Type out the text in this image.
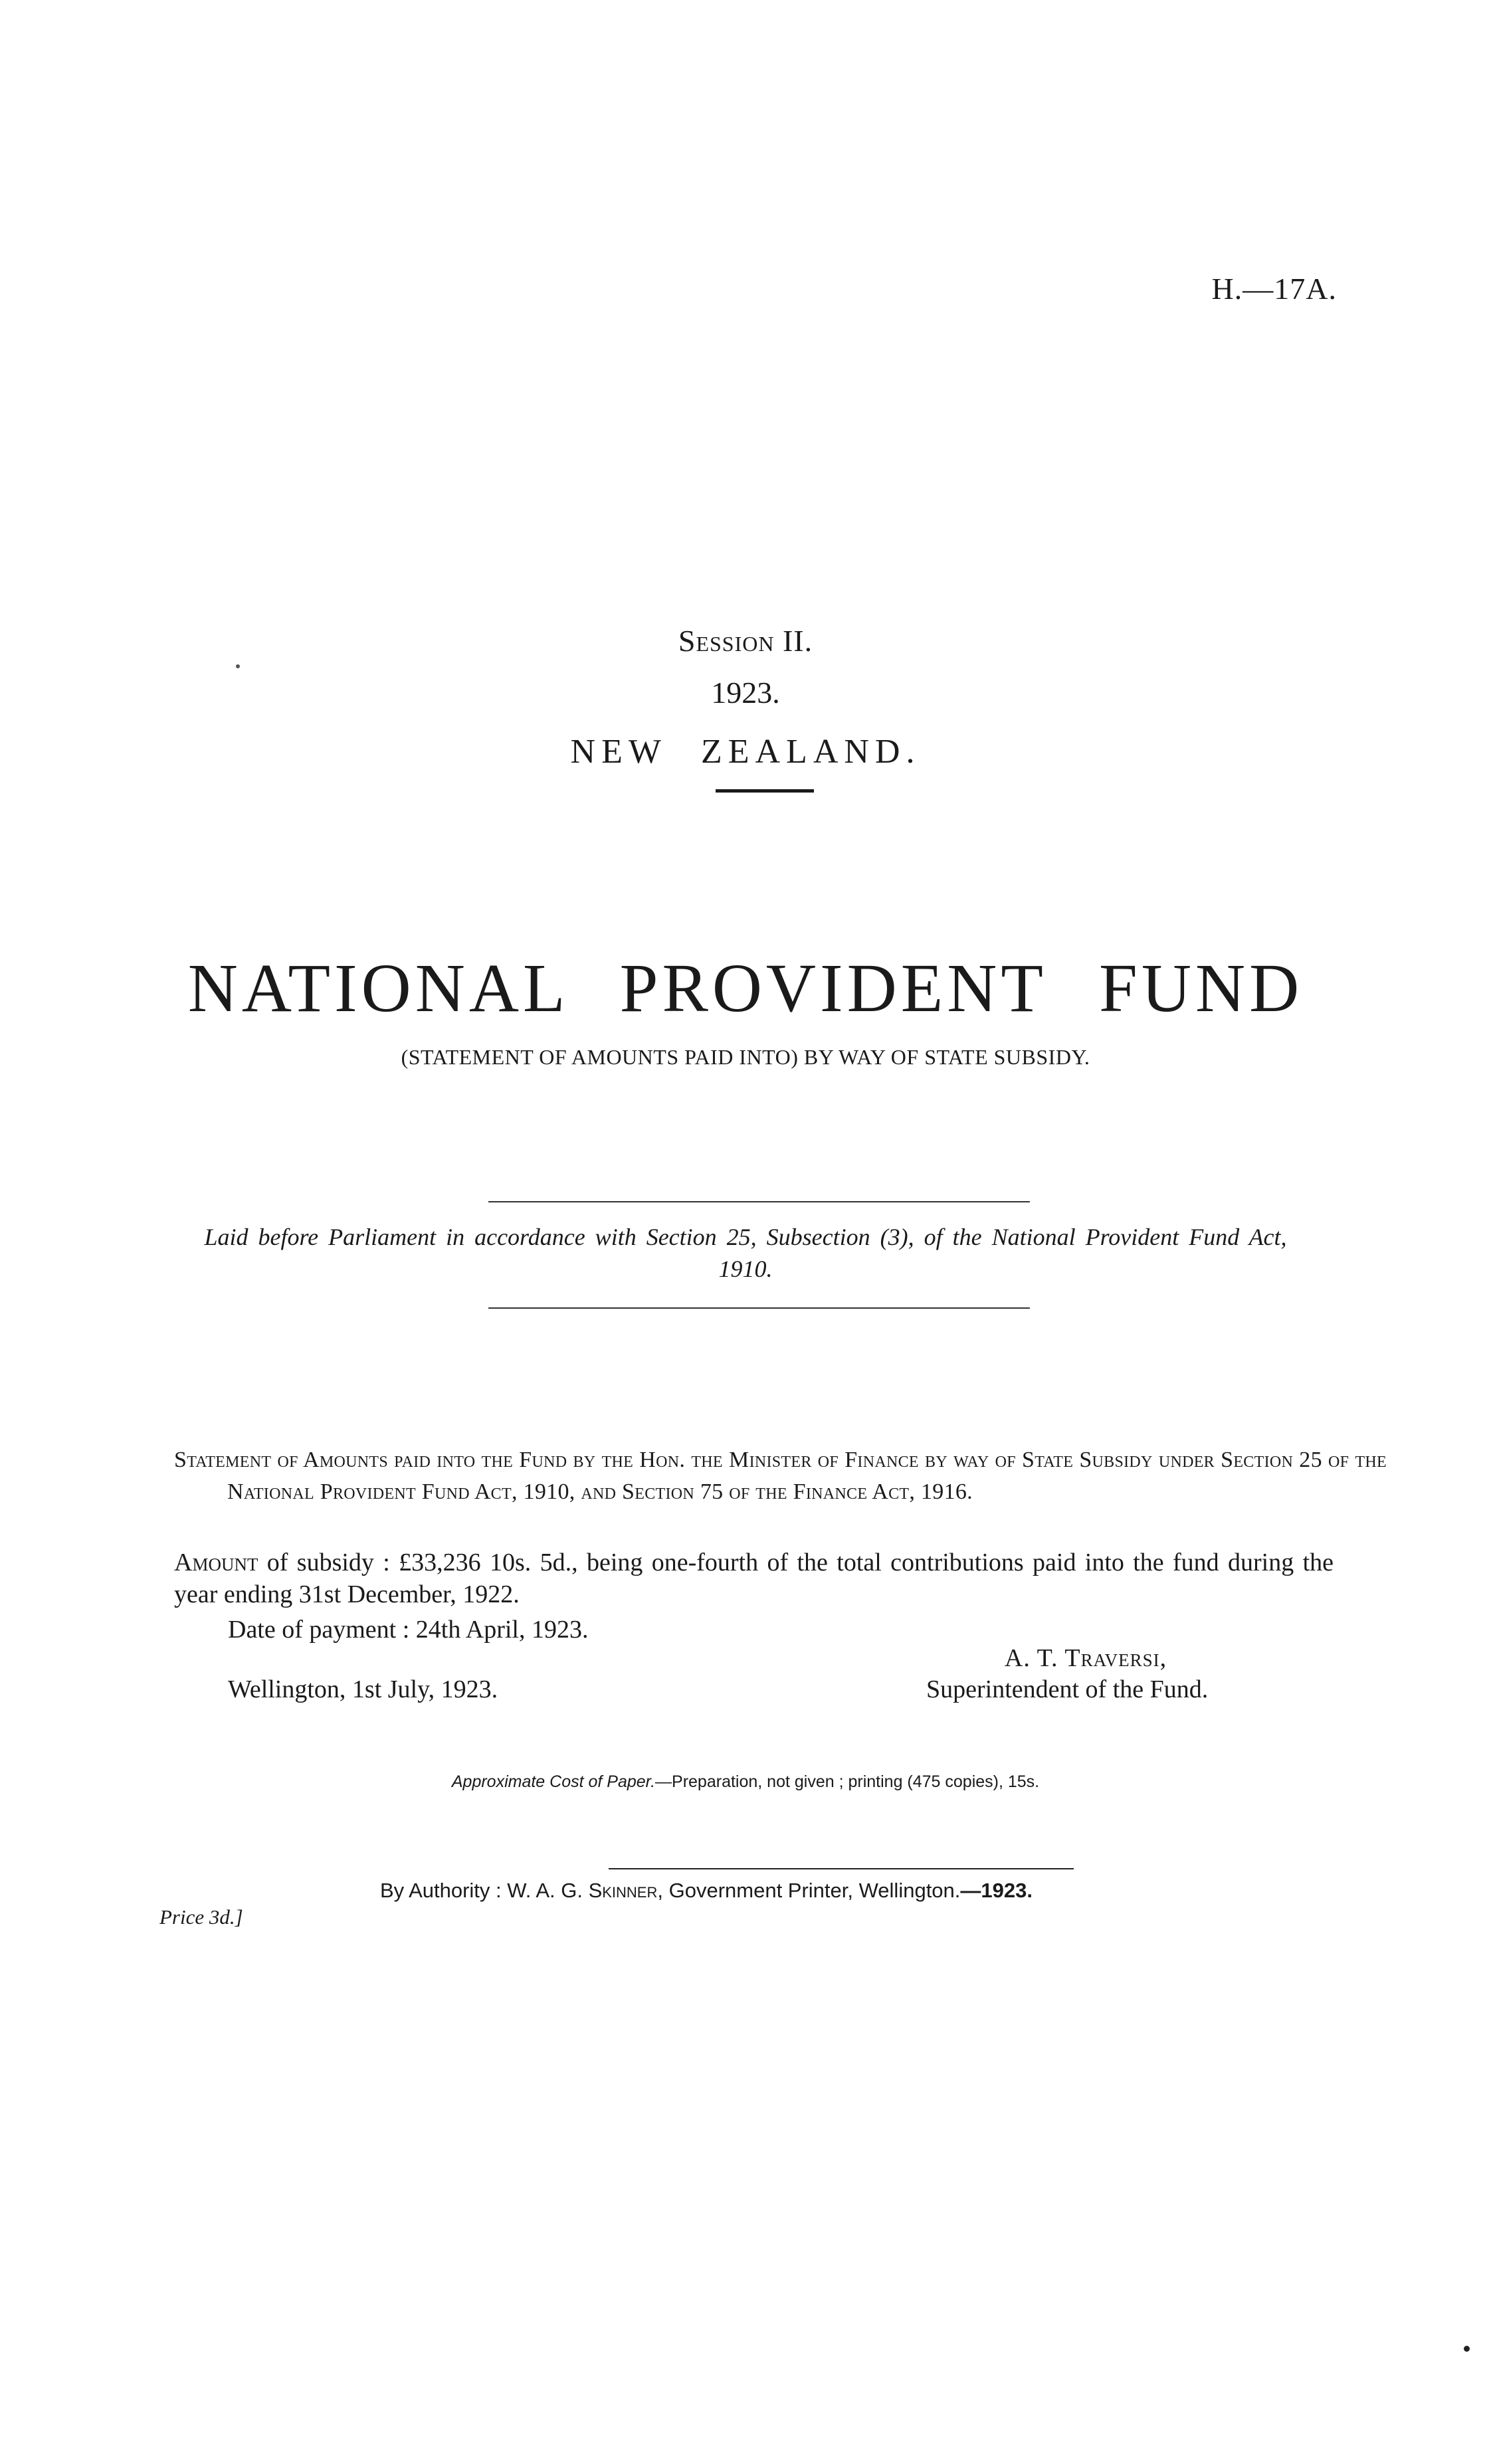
H.—17A.
Session II.
1923.
NEW ZEALAND.
NATIONAL PROVIDENT FUND
(STATEMENT OF AMOUNTS PAID INTO) BY WAY OF STATE SUBSIDY.
Laid before Parliament in accordance with Section 25, Subsection (3), of the National Provident Fund Act, 1910.
Statement of Amounts paid into the Fund by the Hon. the Minister of Finance by way of State Subsidy under Section 25 of the National Provident Fund Act, 1910, and Section 75 of the Finance Act, 1916.
Amount of subsidy : £33,236 10s. 5d., being one-fourth of the total contributions paid into the fund during the year ending 31st December, 1922.
Date of payment : 24th April, 1923.
A. T. Traversi,
Wellington, 1st July, 1923.	Superintendent of the Fund.
Approximate Cost of Paper.—Preparation, not given ; printing (475 copies), 15s.
By Authority : W. A. G. Skinner, Government Printer, Wellington.—1923.
Price 3d.]
